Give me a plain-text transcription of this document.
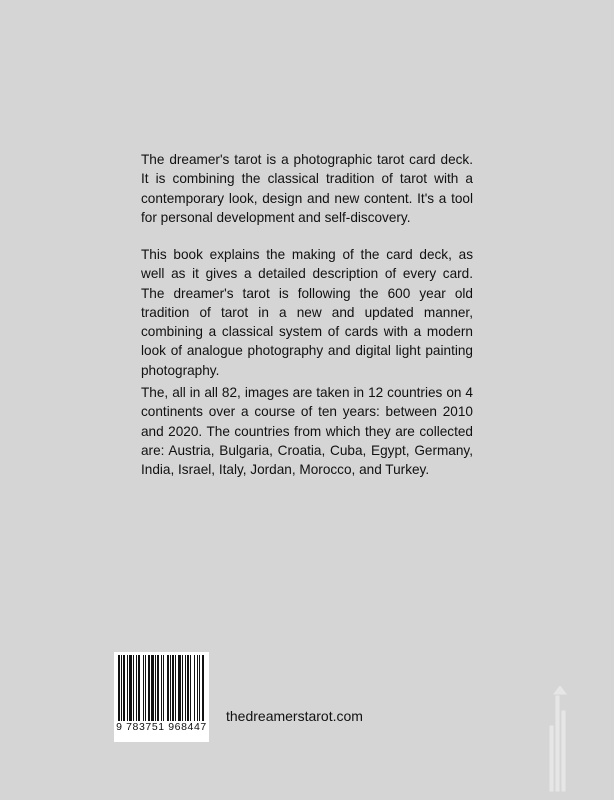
The dreamer's tarot is a photographic tarot card deck. It is combining the classical tradition of tarot with a contemporary look, design and new content. It's a tool for personal development and self-discovery.

This book explains the making of the card deck, as well as it gives a detailed description of every card. The dreamer's tarot is following the 600 year old tradition of tarot in a new and updated manner, combining a classical system of cards with a modern look of analogue photography and digital light painting photography.

The, all in all 82, images are taken in 12 countries on 4 continents over a course of ten years: between 2010 and 2020. The countries from which they are collected are: Austria, Bulgaria, Croatia, Cuba, Egypt, Germany, India, Israel, Italy, Jordan, Morocco, and Turkey.

9 783751 968447
thedreamerstarot.com
